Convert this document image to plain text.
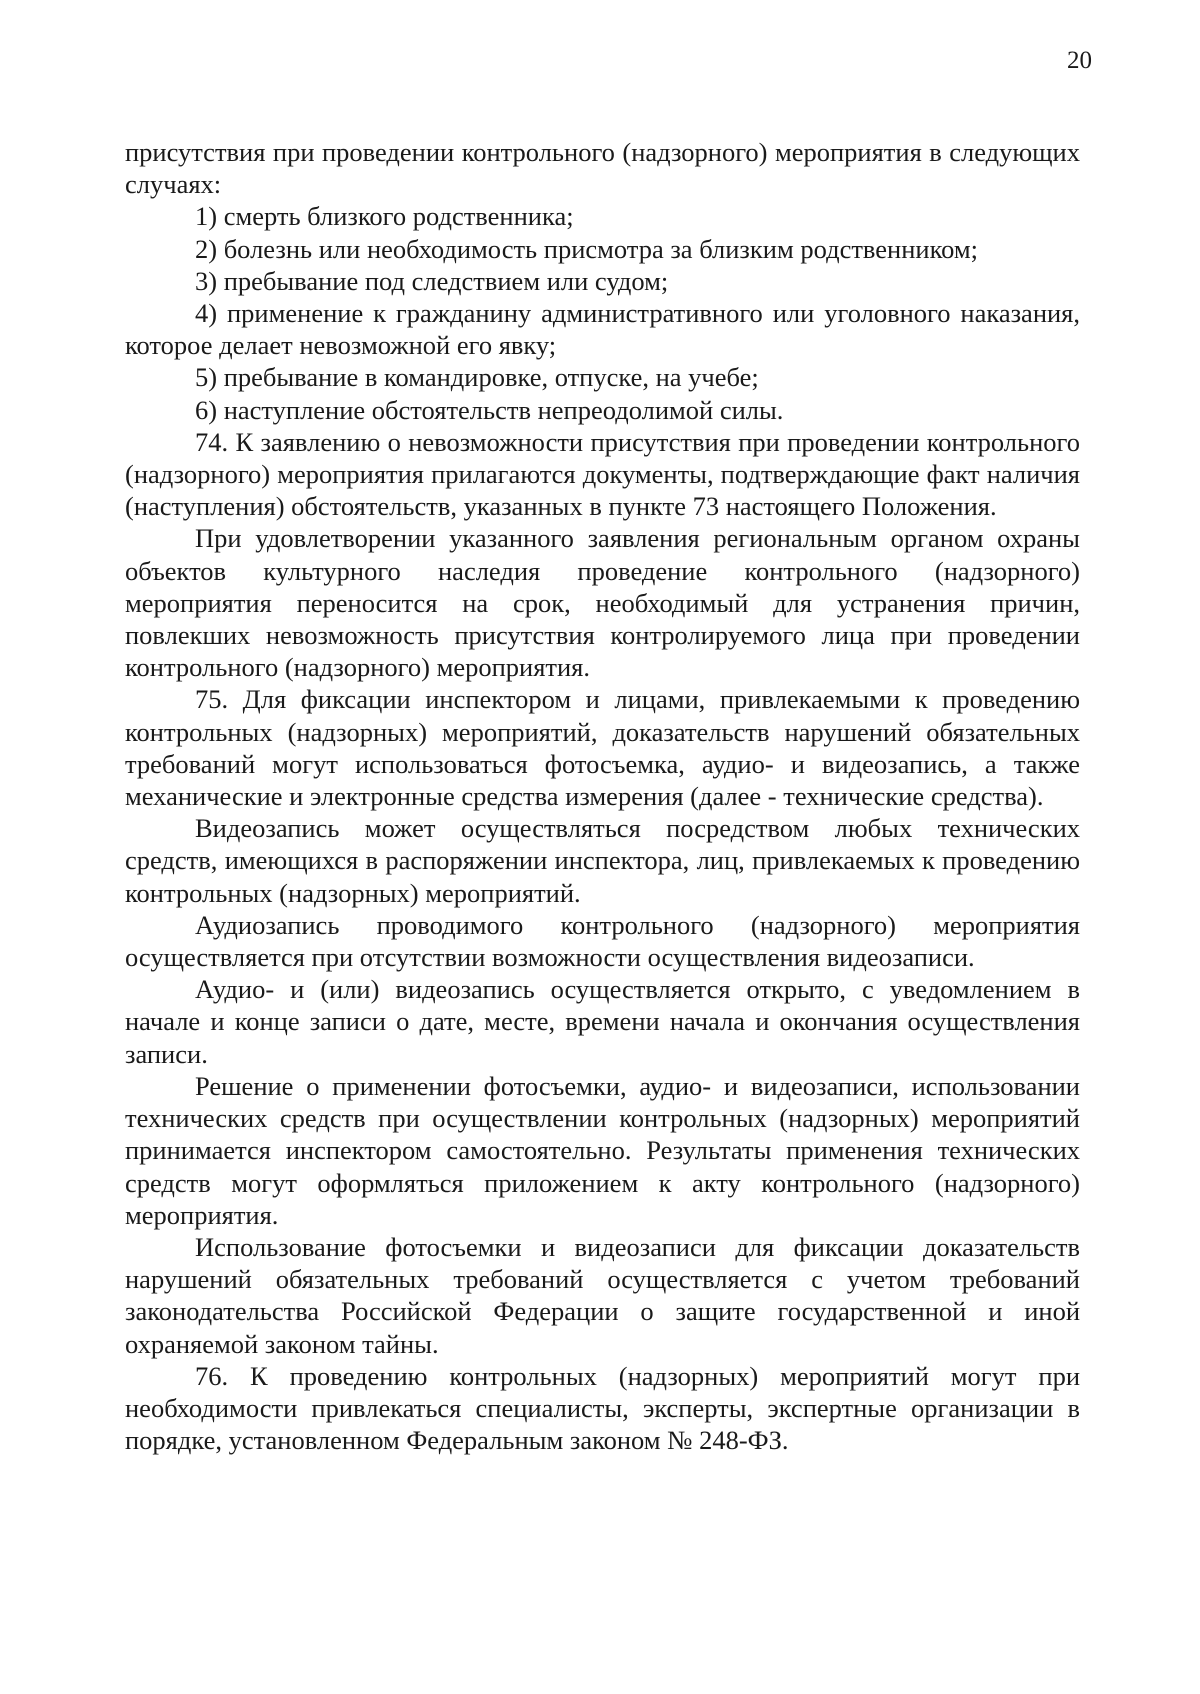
20

присутствия при проведении контрольного (надзорного) мероприятия в следующих случаях:

1) смерть близкого родственника;

2) болезнь или необходимость присмотра за близким родственником;

3) пребывание под следствием или судом;

4) применение к гражданину административного или уголовного наказания, которое делает невозможной его явку;

5) пребывание в командировке, отпуске, на учебе;

6) наступление обстоятельств непреодолимой силы.

74. К заявлению о невозможности присутствия при проведении контрольного (надзорного) мероприятия прилагаются документы, подтверждающие факт наличия (наступления) обстоятельств, указанных в пункте 73 настоящего Положения.

При удовлетворении указанного заявления региональным органом охраны объектов культурного наследия проведение контрольного (надзорного) мероприятия переносится на срок, необходимый для устранения причин, повлекших невозможность присутствия контролируемого лица при проведении контрольного (надзорного) мероприятия.

75. Для фиксации инспектором и лицами, привлекаемыми к проведению контрольных (надзорных) мероприятий, доказательств нарушений обязательных требований могут использоваться фотосъемка, аудио- и видеозапись, а также механические и электронные средства измерения (далее - технические средства).

Видеозапись может осуществляться посредством любых технических средств, имеющихся в распоряжении инспектора, лиц, привлекаемых к проведению контрольных (надзорных) мероприятий.

Аудиозапись проводимого контрольного (надзорного) мероприятия осуществляется при отсутствии возможности осуществления видеозаписи.

Аудио- и (или) видеозапись осуществляется открыто, с уведомлением в начале и конце записи о дате, месте, времени начала и окончания осуществления записи.

Решение о применении фотосъемки, аудио- и видеозаписи, использовании технических средств при осуществлении контрольных (надзорных) мероприятий принимается инспектором самостоятельно. Результаты применения технических средств могут оформляться приложением к акту контрольного (надзорного) мероприятия.

Использование фотосъемки и видеозаписи для фиксации доказательств нарушений обязательных требований осуществляется с учетом требований законодательства Российской Федерации о защите государственной и иной охраняемой законом тайны.

76. К проведению контрольных (надзорных) мероприятий могут при необходимости привлекаться специалисты, эксперты, экспертные организации в порядке, установленном Федеральным законом № 248-ФЗ.
